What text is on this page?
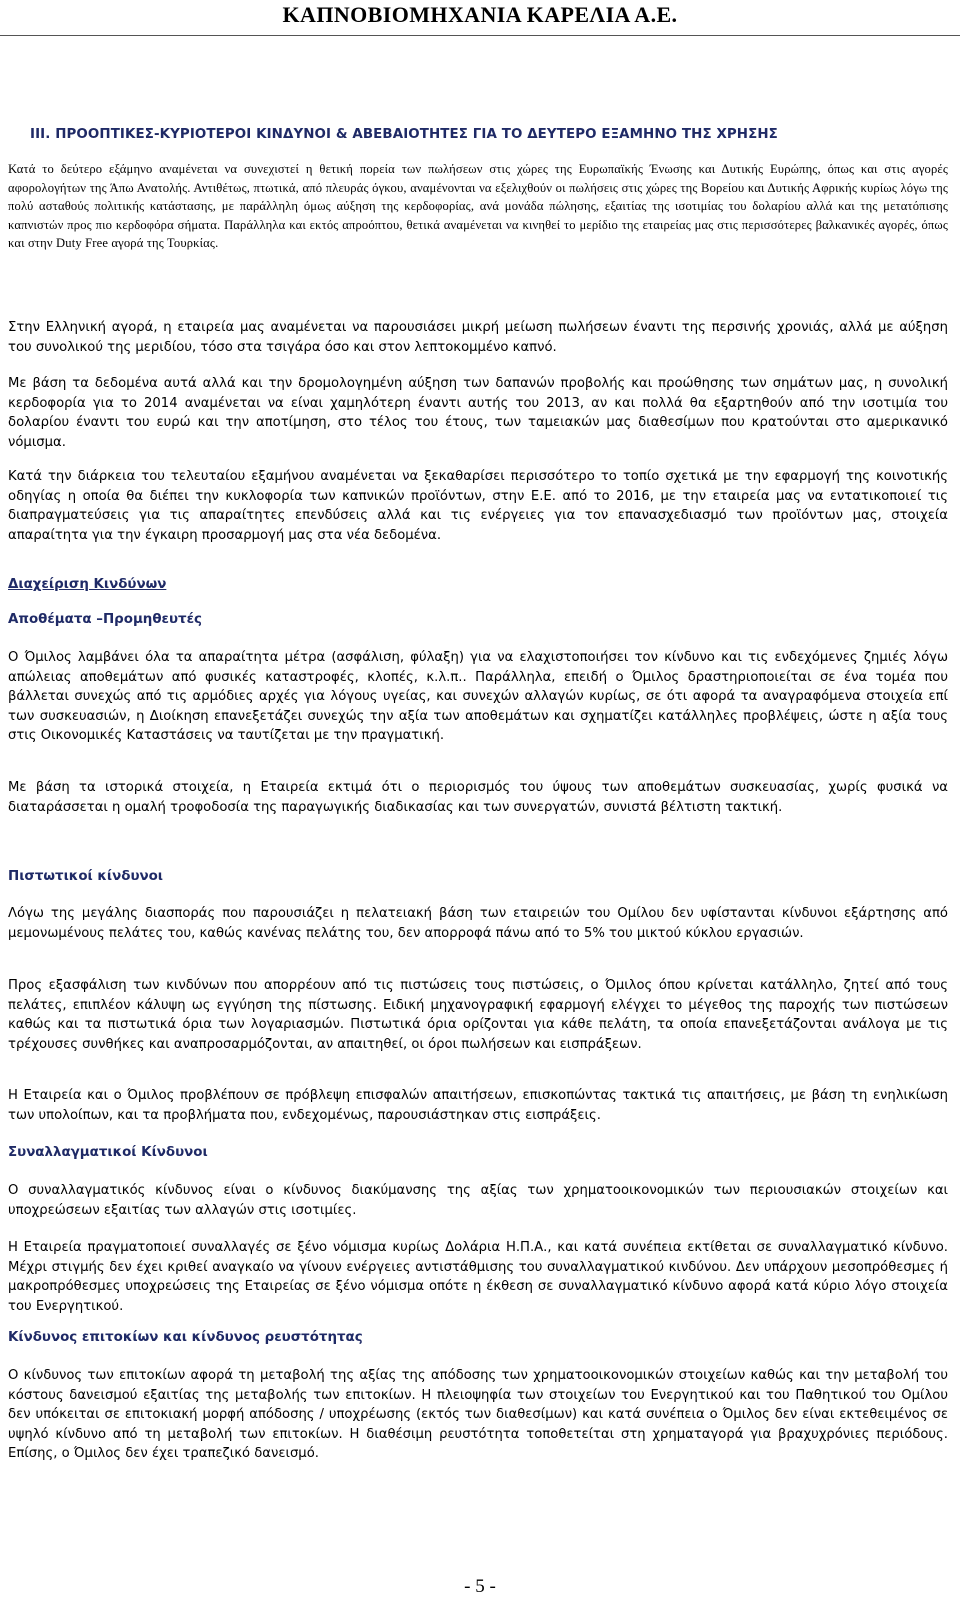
ΚΑΠΝΟΒΙΟΜΗΧΑΝΙΑ ΚΑΡΕΛΙΑ Α.Ε.
III. ΠΡΟΟΠΤΙΚΕΣ-ΚΥΡΙΟΤΕΡΟΙ ΚΙΝΔΥΝΟΙ & ΑΒΕΒΑΙΟΤΗΤΕΣ ΓΙΑ ΤΟ ΔΕΥΤΕΡΟ ΕΞΑΜΗΝΟ ΤΗΣ ΧΡΗΣΗΣ

Κατά το δεύτερο εξάμηνο αναμένεται να συνεχιστεί η θετική πορεία των πωλήσεων στις χώρες της Ευρωπαϊκής Ένωσης και Δυτικής Ευρώπης, όπως και στις αγορές αφορολογήτων της Άπω Ανατολής. Αντιθέτως, πτωτικά, από πλευράς όγκου, αναμένονται να εξελιχθούν οι πωλήσεις στις χώρες της Βορείου και Δυτικής Αφρικής κυρίως λόγω της πολύ ασταθούς πολιτικής κατάστασης, με παράλληλη όμως αύξηση της κερδοφορίας, ανά μονάδα πώλησης, εξαιτίας της ισοτιμίας του δολαρίου αλλά και της μετατόπισης καπνιστών προς πιο κερδοφόρα σήματα. Παράλληλα και εκτός απροόπτου, θετικά αναμένεται να κινηθεί το μερίδιο της εταιρείας μας στις περισσότερες βαλκανικές αγορές, όπως και στην Duty Free αγορά της Τουρκίας.

Στην Ελληνική αγορά, η εταιρεία μας αναμένεται να παρουσιάσει μικρή μείωση πωλήσεων έναντι της περσινής χρονιάς, αλλά με αύξηση του συνολικού της μεριδίου, τόσο στα τσιγάρα όσο και στον λεπτοκομμένο καπνό.

Με βάση τα δεδομένα αυτά αλλά και την δρομολογημένη αύξηση των δαπανών προβολής και προώθησης των σημάτων μας, η συνολική κερδοφορία για το 2014 αναμένεται να είναι χαμηλότερη έναντι αυτής του 2013, αν και πολλά θα εξαρτηθούν από την ισοτιμία του δολαρίου έναντι του ευρώ και την αποτίμηση, στο τέλος του έτους, των ταμειακών μας διαθεσίμων που κρατούνται στο αμερικανικό νόμισμα.

Κατά την διάρκεια του τελευταίου εξαμήνου αναμένεται να ξεκαθαρίσει περισσότερο το τοπίο σχετικά με την εφαρμογή της κοινοτικής οδηγίας η οποία θα διέπει την κυκλοφορία των καπνικών προϊόντων, στην Ε.Ε. από το 2016, με την εταιρεία μας να εντατικοποιεί τις διαπραγματεύσεις για τις απαραίτητες επενδύσεις αλλά και τις ενέργειες για τον επανασχεδιασμό των προϊόντων μας, στοιχεία απαραίτητα για την έγκαιρη προσαρμογή μας στα νέα δεδομένα.

Διαχείριση Κινδύνων
Αποθέματα –Προμηθευτές

Ο Όμιλος λαμβάνει όλα τα απαραίτητα μέτρα (ασφάλιση, φύλαξη) για να ελαχιστοποιήσει τον κίνδυνο και τις ενδεχόμενες ζημιές λόγω απώλειας αποθεμάτων από φυσικές καταστροφές, κλοπές, κ.λ.π.. Παράλληλα, επειδή ο Όμιλος δραστηριοποιείται σε ένα τομέα που βάλλεται συνεχώς από τις αρμόδιες αρχές για λόγους υγείας, και συνεχών αλλαγών κυρίως, σε ότι αφορά τα αναγραφόμενα στοιχεία επί των συσκευασιών, η Διοίκηση επανεξετάζει συνεχώς την αξία των αποθεμάτων και σχηματίζει κατάλληλες προβλέψεις, ώστε η αξία τους στις Οικονομικές Καταστάσεις να ταυτίζεται με την πραγματική.

Με βάση τα ιστορικά στοιχεία, η Εταιρεία εκτιμά ότι ο περιορισμός του ύψους των αποθεμάτων συσκευασίας, χωρίς φυσικά να διαταράσσεται η ομαλή τροφοδοσία της παραγωγικής διαδικασίας και των συνεργατών, συνιστά βέλτιστη τακτική.

Πιστωτικοί κίνδυνοι

Λόγω της μεγάλης διασποράς που παρουσιάζει η πελατειακή βάση των εταιρειών του Ομίλου δεν υφίστανται κίνδυνοι εξάρτησης από μεμονωμένους πελάτες του, καθώς κανένας πελάτης του, δεν απορροφά πάνω από το 5% του μικτού κύκλου εργασιών.

Προς εξασφάλιση των κινδύνων που απορρέουν από τις πιστώσεις τους πιστώσεις, ο Όμιλος όπου κρίνεται κατάλληλο, ζητεί από τους πελάτες, επιπλέον κάλυψη ως εγγύηση της πίστωσης. Ειδική μηχανογραφική εφαρμογή ελέγχει το μέγεθος της παροχής των πιστώσεων καθώς και τα πιστωτικά όρια των λογαριασμών. Πιστωτικά όρια ορίζονται για κάθε πελάτη, τα οποία επανεξετάζονται ανάλογα με τις τρέχουσες συνθήκες και αναπροσαρμόζονται, αν απαιτηθεί, οι όροι πωλήσεων και εισπράξεων.

Η Εταιρεία και ο Όμιλος προβλέπουν σε πρόβλεψη επισφαλών απαιτήσεων, επισκοπώντας τακτικά τις απαιτήσεις, με βάση τη ενηλικίωση των υπολοίπων, και τα προβλήματα που, ενδεχομένως, παρουσιάστηκαν στις εισπράξεις.

Συναλλαγματικοί Κίνδυνοι

Ο συναλλαγματικός κίνδυνος είναι ο κίνδυνος διακύμανσης της αξίας των χρηματοοικονομικών των περιουσιακών στοιχείων και υποχρεώσεων εξαιτίας των αλλαγών στις ισοτιμίες.

Η Εταιρεία πραγματοποιεί συναλλαγές σε ξένο νόμισμα κυρίως Δολάρια Η.Π.Α., και κατά συνέπεια εκτίθεται σε συναλλαγματικό κίνδυνο. Μέχρι στιγμής δεν έχει κριθεί αναγκαίο να γίνουν ενέργειες αντιστάθμισης του συναλλαγματικού κινδύνου. Δεν υπάρχουν μεσοπρόθεσμες ή μακροπρόθεσμες υποχρεώσεις της Εταιρείας σε ξένο νόμισμα οπότε η έκθεση σε συναλλαγματικό κίνδυνο αφορά κατά κύριο λόγο στοιχεία του Ενεργητικού.

Κίνδυνος επιτοκίων και κίνδυνος ρευστότητας

Ο κίνδυνος των επιτοκίων αφορά τη μεταβολή της αξίας της απόδοσης των χρηματοοικονομικών στοιχείων καθώς και την μεταβολή του κόστους δανεισμού εξαιτίας της μεταβολής των επιτοκίων. Η πλειοψηφία των στοιχείων του Ενεργητικού και του Παθητικού του Ομίλου δεν υπόκειται σε επιτοκιακή μορφή απόδοσης / υποχρέωσης (εκτός των διαθεσίμων) και κατά συνέπεια ο Όμιλος δεν είναι εκτεθειμένος σε υψηλό κίνδυνο από τη μεταβολή των επιτοκίων. Η διαθέσιμη ρευστότητα τοποθετείται στη χρηματαγορά για βραχυχρόνιες περιόδους. Επίσης, ο Όμιλος δεν έχει τραπεζικό δανεισμό.

- 5 -
